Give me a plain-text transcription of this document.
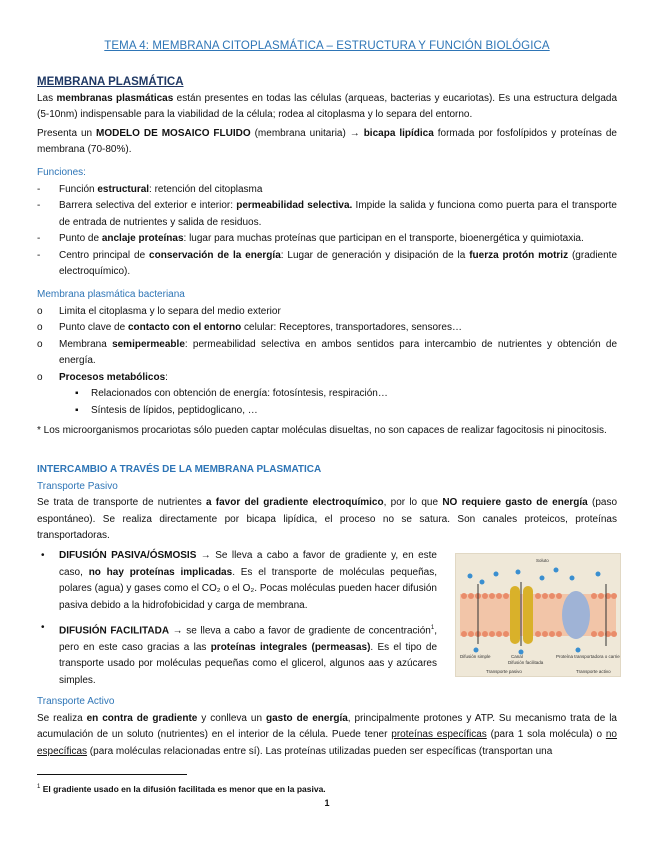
TEMA 4: MEMBRANA CITOPLASMÁTICA – ESTRUCTURA Y FUNCIÓN BIOLÓGICA
MEMBRANA PLASMÁTICA
Las membranas plasmáticas están presentes en todas las células (arqueas, bacterias y eucariotas). Es una estructura delgada (5-10nm) indispensable para la viabilidad de la célula; rodea al citoplasma y lo separa del entorno.
Presenta un MODELO DE MOSAICO FLUIDO (membrana unitaria) → bicapa lipídica formada por fosfolípidos y proteínas de membrana (70-80%).
Funciones:
-	Función estructural: retención del citoplasma
-	Barrera selectiva del exterior e interior: permeabilidad selectiva. Impide la salida y funciona como puerta para el transporte de entrada de nutrientes y salida de residuos.
-	Punto de anclaje proteínas: lugar para muchas proteínas que participan en el transporte, bioenergética y quimiotaxia.
-	Centro principal de conservación de la energía: Lugar de generación y disipación de la fuerza protón motriz (gradiente electroquímico).
Membrana plasmática bacteriana
o	Limita el citoplasma y lo separa del medio exterior
o	Punto clave de contacto con el entorno celular: Receptores, transportadores, sensores…
o	Membrana semipermeable: permeabilidad selectiva en ambos sentidos para intercambio de nutrientes y obtención de energía.
o	Procesos metabólicos:
▪	Relacionados con obtención de energía: fotosíntesis, respiración…
▪	Síntesis de lípidos, peptidoglicano, …
* Los microorganismos procariotas sólo pueden captar moléculas disueltas, no son capaces de realizar fagocitosis ni pinocitosis.
INTERCAMBIO A TRAVÉS DE LA MEMBRANA PLASMATICA
Transporte Pasivo
Se trata de transporte de nutrientes a favor del gradiente electroquímico, por lo que NO requiere gasto de energía (paso espontáneo). Se realiza directamente por bicapa lipídica, el proceso no se satura. Son canales proteicos, proteínas transportadoras.
•	DIFUSIÓN PASIVA/ÓSMOSIS → Se lleva a cabo a favor de gradiente y, en este caso, no hay proteínas implicadas. Es el transporte de moléculas pequeñas, polares (agua) y gases como el CO₂ o el O₂. Pocas moléculas pueden hacer difusión pasiva debido a la hidrofobicidad y carga de membrana.
•	DIFUSIÓN FACILITADA → se lleva a cabo a favor de gradiente de concentración$^1$, pero en este caso gracias a las proteínas integrales (permeasas). Es el tipo de transporte usado por moléculas pequeñas como el glicerol, algunos aas y azúcares simples.
Soluto
Difusión simple	Canal
Difusión facilitada
Proteína transportadora o carrier
Transporte pasivo	Transporte activo
Transporte Activo
Se realiza en contra de gradiente y conlleva un gasto de energía, principalmente protones y ATP. Su mecanismo trata de la acumulación de un soluto (nutrientes) en el interior de la célula. Puede tener proteínas específicas (para 1 sola molécula) o no específicas (para moléculas relacionadas entre sí). Las proteínas utilizadas pueden ser específicas (transportan una
$^1$ El gradiente usado en la difusión facilitada es menor que en la pasiva.
1
